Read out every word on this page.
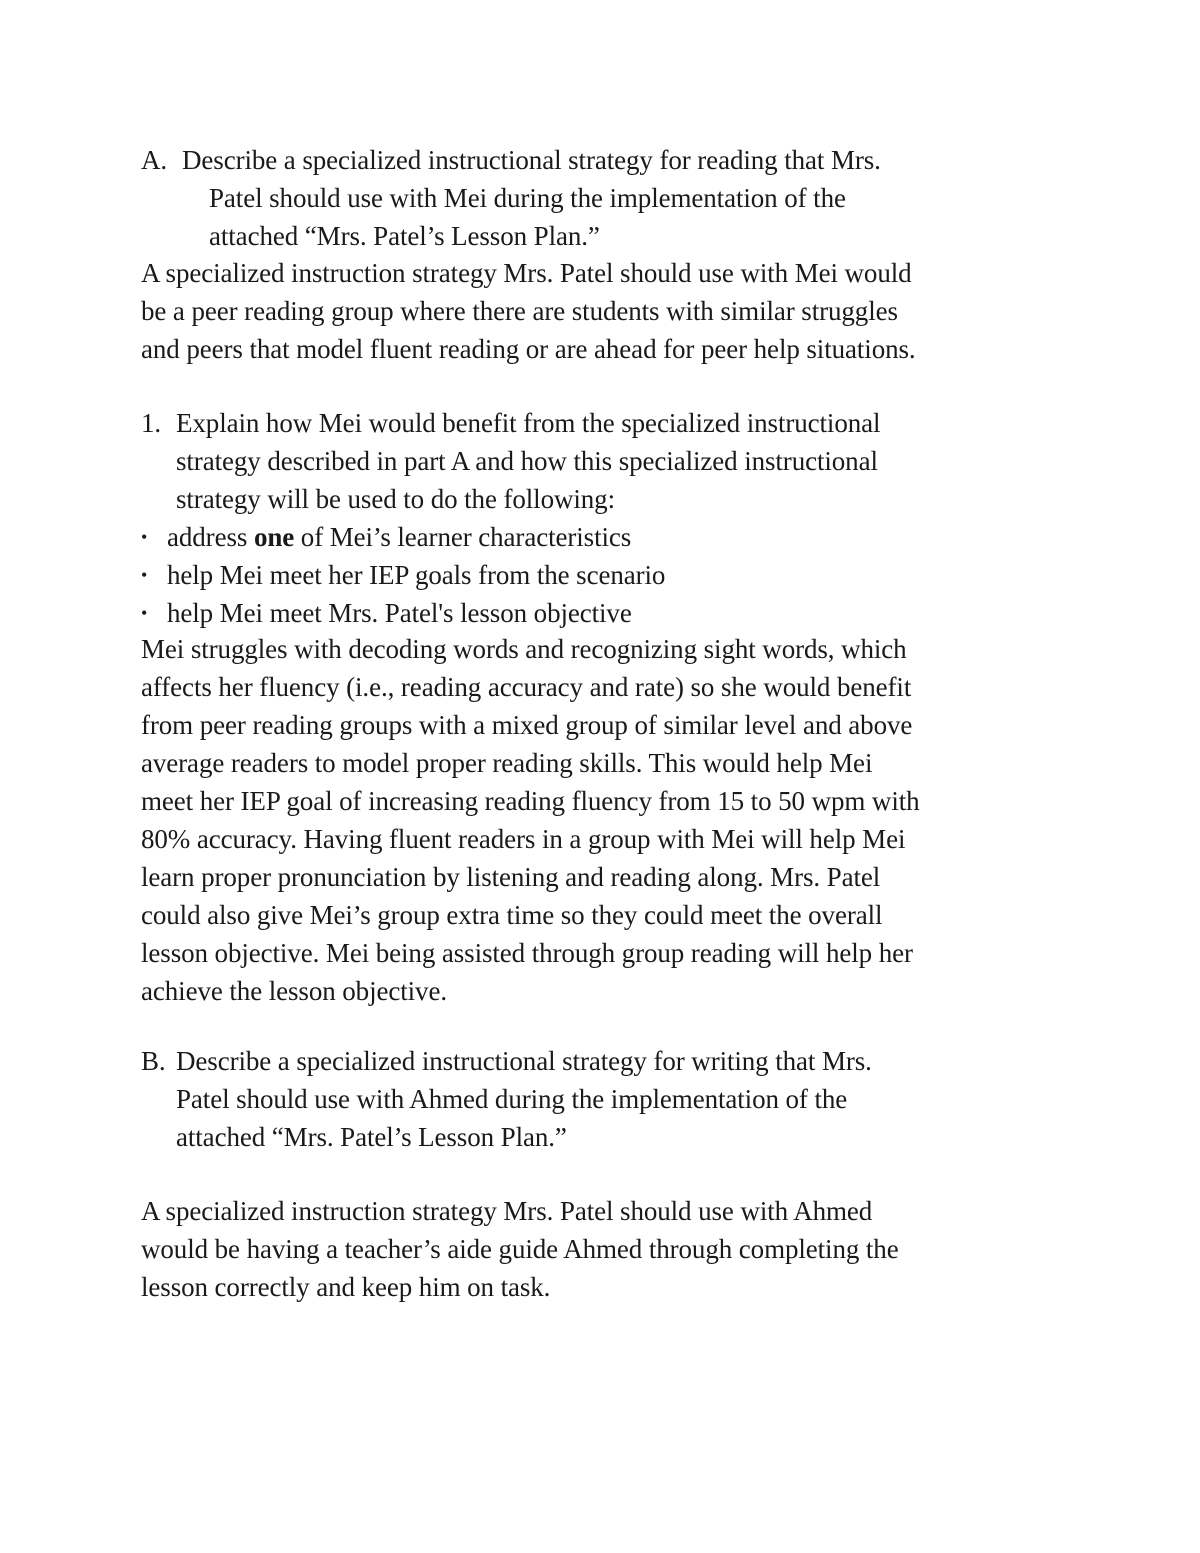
A. Describe a specialized instructional strategy for reading that Mrs.
Patel should use with Mei during the implementation of the
attached “Mrs. Patel’s Lesson Plan.”
A specialized instruction strategy Mrs. Patel should use with Mei would
be a peer reading group where there are students with similar struggles
and peers that model fluent reading or are ahead for peer help situations.
1. Explain how Mei would benefit from the specialized instructional
strategy described in part A and how this specialized instructional
strategy will be used to do the following:
• address one of Mei’s learner characteristics
• help Mei meet her IEP goals from the scenario
• help Mei meet Mrs. Patel's lesson objective
Mei struggles with decoding words and recognizing sight words, which
affects her fluency (i.e., reading accuracy and rate) so she would benefit
from peer reading groups with a mixed group of similar level and above
average readers to model proper reading skills. This would help Mei
meet her IEP goal of increasing reading fluency from 15 to 50 wpm with
80% accuracy. Having fluent readers in a group with Mei will help Mei
learn proper pronunciation by listening and reading along. Mrs. Patel
could also give Mei’s group extra time so they could meet the overall
lesson objective. Mei being assisted through group reading will help her
achieve the lesson objective.
B. Describe a specialized instructional strategy for writing that Mrs.
Patel should use with Ahmed during the implementation of the
attached “Mrs. Patel’s Lesson Plan.”
A specialized instruction strategy Mrs. Patel should use with Ahmed
would be having a teacher’s aide guide Ahmed through completing the
lesson correctly and keep him on task.
